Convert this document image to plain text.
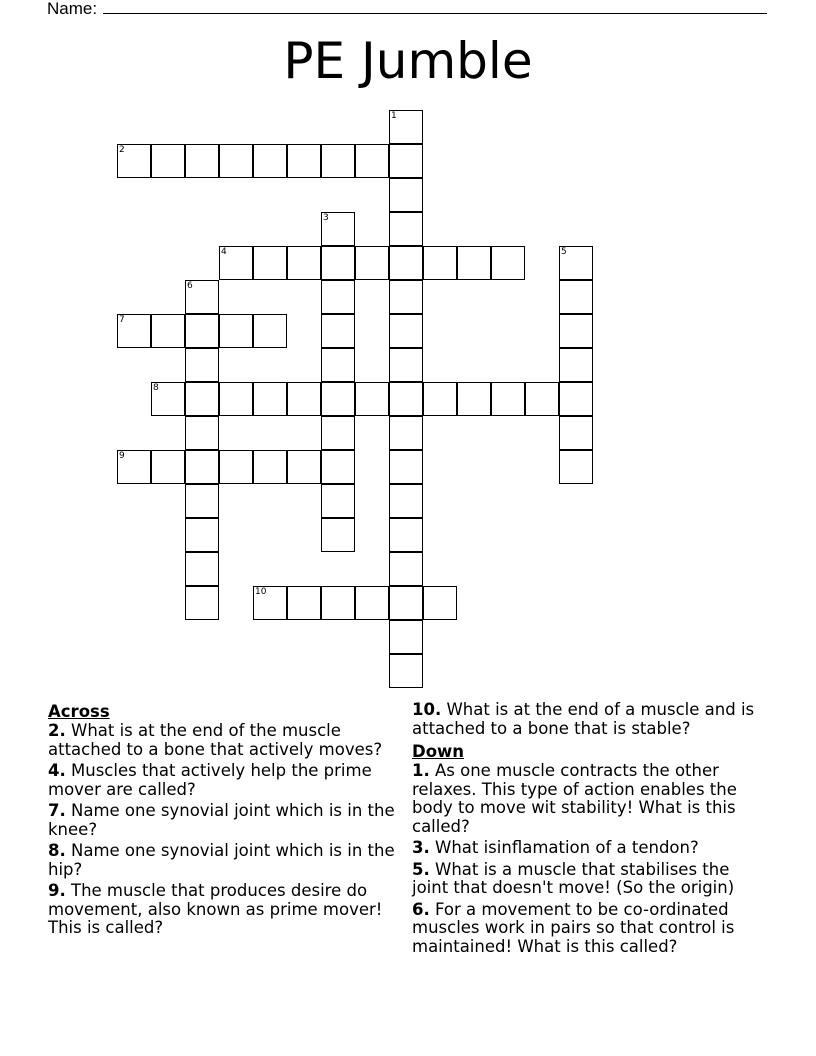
Name:
PE Jumble
1
2
3
4	5
6
7
8
9
10

Across

2. What is at the end of the muscle attached to a bone that actively moves?

4. Muscles that actively help the prime mover are called?

7. Name one synovial joint which is in the knee?

8. Name one synovial joint which is in the hip?

9. The muscle that produces desire do movement, also known as prime mover! This is called?

10. What is at the end of a muscle and is attached to a bone that is stable?

Down

1. As one muscle contracts the other relaxes. This type of action enables the body to move wit stability! What is this called?

3. What isinflamation of a tendon?

5. What is a muscle that stabilises the joint that doesn't move! (So the origin)

6. For a movement to be co-ordinated muscles work in pairs so that control is maintained! What is this called?
